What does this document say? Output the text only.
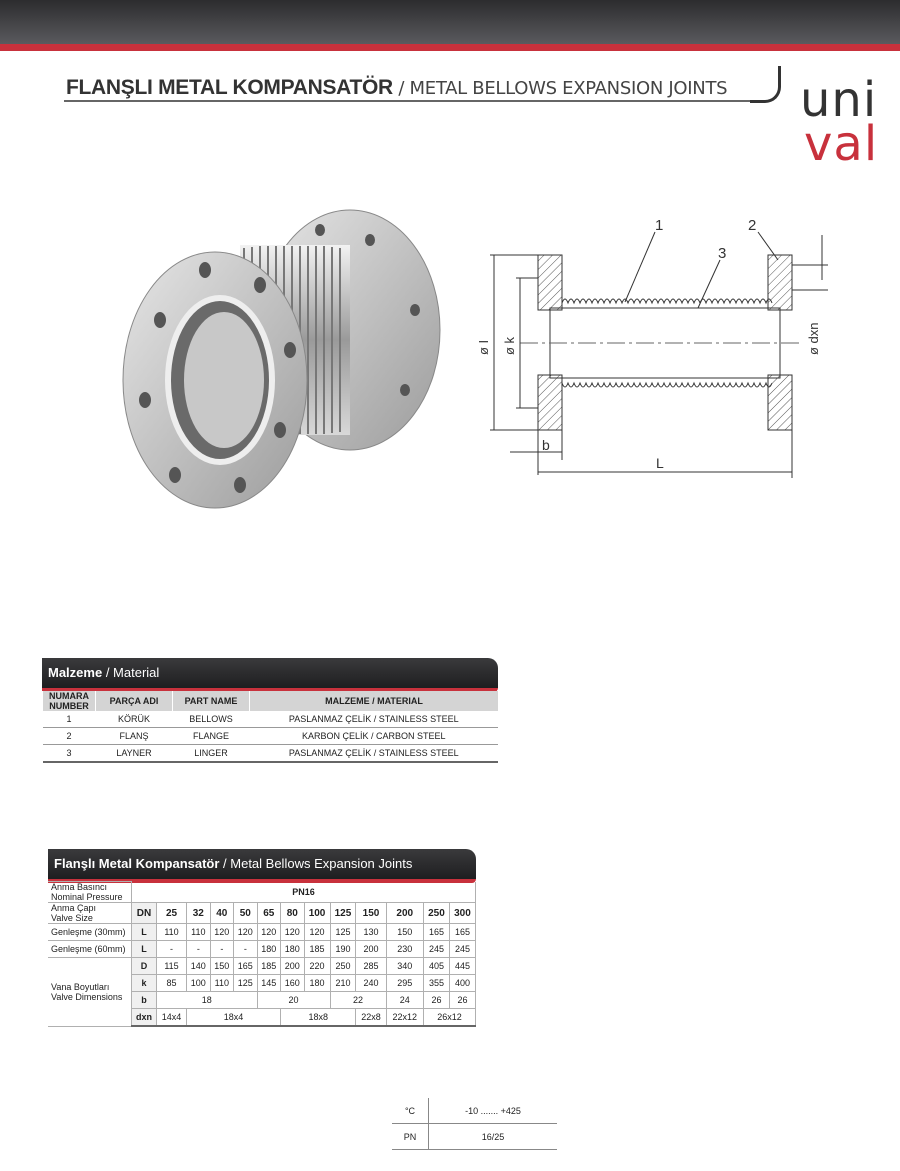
FLANŞLI METAL KOMPANSATÖR / METAL BELLOWS EXPANSION JOINTS uni
val
1	2
3
ø I ø k	ø dxn
b
L
Malzeme / Material
NUMARA
NUMBER	PARÇA ADI	PART NAME	MALZEME / MATERIAL
1	KÖRÜK	BELLOWS	PASLANMAZ ÇELİK / STAINLESS STEEL
2	FLANŞ	FLANGE	KARBON ÇELİK / CARBON STEEL
3	LAYNER	LINGER	PASLANMAZ ÇELİK / STAINLESS STEEL
Flanşlı Metal Kompansatör / Metal Bellows Expansion Joints
Anma Basıncı
Nominal Pressure	PN16												
Anma Çapı
Valve Size	DN	25	32	40	50	65	80	100	125	150	200	250	300
Genleşme (30mm)	L	110	110	120	120	120	120	120	125	130	150	165	165
Genleşme (60mm)	L	-	-	-	-	180	180	185	190	200	230	245	245
Vana Boyutları
Valve Dimensions	D	115	140	150	165	185	200	220	250	285	340	405	445
	k	85	100	110	125	145	160	180	210	240	295	355	400
	b	18				20			22		24	26	26
	dxn	14x4	18x4				18x8			22x8	22x12	26x12	
°C	-10 ....... +425
PN	16/25
